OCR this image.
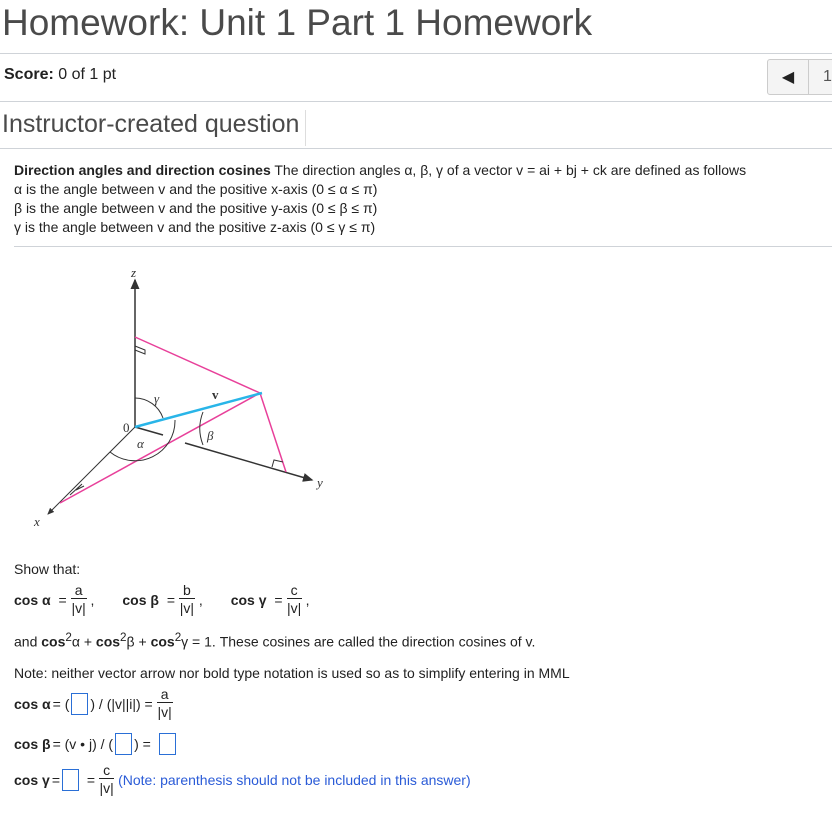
Homework: Unit 1 Part 1 Homework
Score: 0 of 1 pt	◀	1
Instructor-created question
Direction angles and direction cosines The direction angles α, β, γ of a vector v = ai + bj + ck are defined as follows
α is the angle between v and the positive x-axis (0 ≤ α ≤ π)
β is the angle between v and the positive y-axis (0 ≤ β ≤ π)
γ is the angle between v and the positive z-axis (0 ≤ γ ≤ π)
z
x
y
0
v
α
β
γ
Show that:
cos α
= $\frac{a}{|v|}$ , cos β
= $\frac{b}{|v|}$ , cos γ
= $\frac{c}{|v|}$ ,
and $\cos^2\alpha + \cos^2\beta + \cos^2\gamma = 1$. These cosines are called the direction cosines of v.
Note: neither vector arrow nor bold type notation is used so as to simplify entering in MML
cos α = ( ) / $(|v||i|) = \frac{a}{|v|}$
cos β = (v • j) / ( ) =

cos γ =
= $\frac{c}{|v|}$ (Note: parenthesis should not be included in this answer)
